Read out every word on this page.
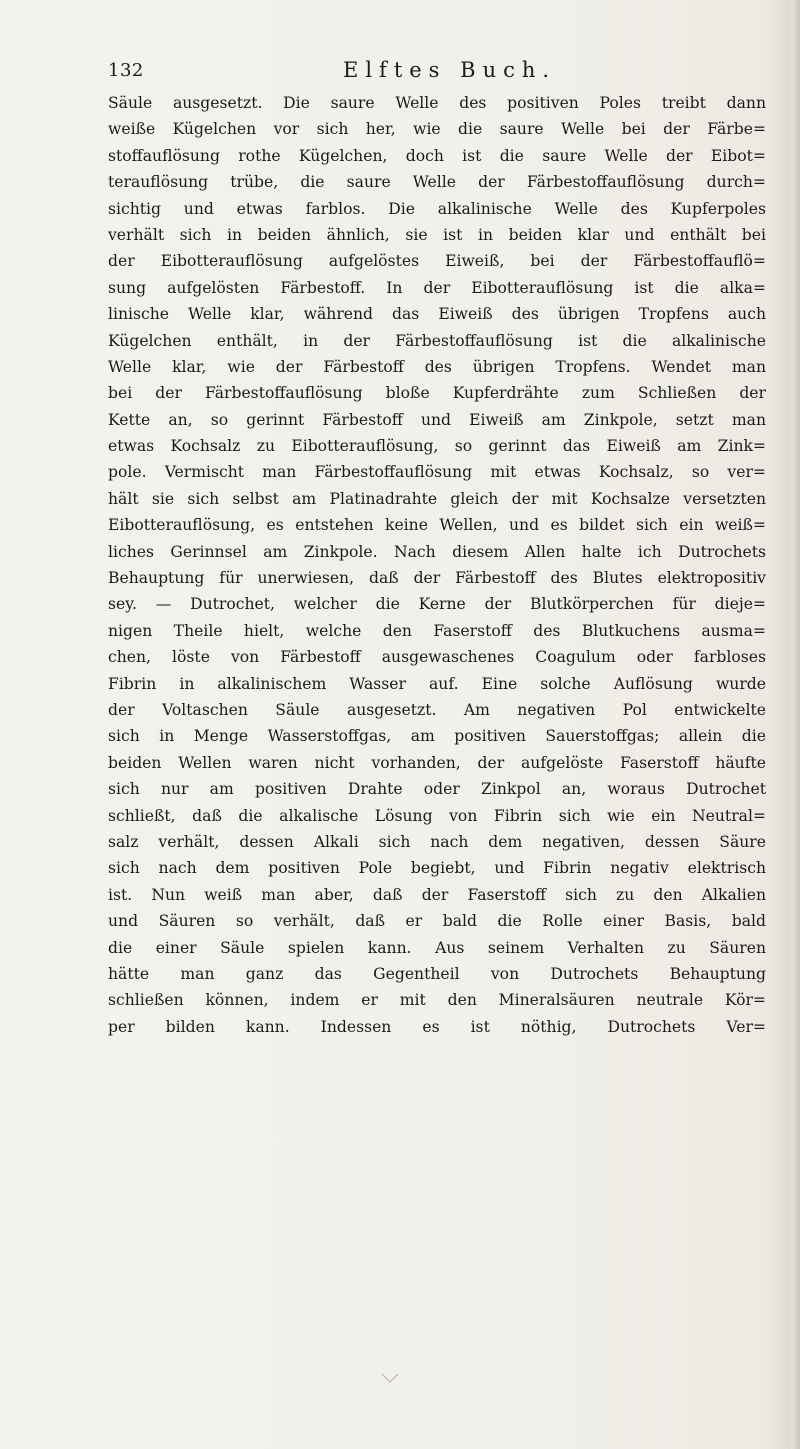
132	Elftes Buch.
Säule ausgesetzt. Die saure Welle des positiven Poles treibt dann
weiße Kügelchen vor sich her, wie die saure Welle bei der Färbe=
stoffauflösung rothe Kügelchen, doch ist die saure Welle der Eibot=
terauflösung trübe, die saure Welle der Färbestoffauflösung durch=
sichtig und etwas farblos. Die alkalinische Welle des Kupferpoles
verhält sich in beiden ähnlich, sie ist in beiden klar und enthält bei
der Eibotterauflösung aufgelöstes Eiweiß, bei der Färbestoffauflö=
sung aufgelösten Färbestoff. In der Eibotterauflösung ist die alka=
linische Welle klar, während das Eiweiß des übrigen Tropfens auch
Kügelchen enthält, in der Färbestoffauflösung ist die alkalinische
Welle klar, wie der Färbestoff des übrigen Tropfens. Wendet man
bei der Färbestoffauflösung bloße Kupferdrähte zum Schließen der
Kette an, so gerinnt Färbestoff und Eiweiß am Zinkpole, setzt man
etwas Kochsalz zu Eibotterauflösung, so gerinnt das Eiweiß am Zink=
pole. Vermischt man Färbestoffauflösung mit etwas Kochsalz, so ver=
hält sie sich selbst am Platinadrahte gleich der mit Kochsalze versetzten
Eibotterauflösung, es entstehen keine Wellen, und es bildet sich ein weiß=
liches Gerinnsel am Zinkpole. Nach diesem Allen halte ich Dutrochets
Behauptung für unerwiesen, daß der Färbestoff des Blutes elektropositiv
sey. — Dutrochet, welcher die Kerne der Blutkörperchen für dieje=
nigen Theile hielt, welche den Faserstoff des Blutkuchens ausma=
chen, löste von Färbestoff ausgewaschenes Coagulum oder farbloses
Fibrin in alkalinischem Wasser auf. Eine solche Auflösung wurde
der Voltaschen Säule ausgesetzt. Am negativen Pol entwickelte
sich in Menge Wasserstoffgas, am positiven Sauerstoffgas; allein die
beiden Wellen waren nicht vorhanden, der aufgelöste Faserstoff häufte
sich nur am positiven Drahte oder Zinkpol an, woraus Dutrochet
schließt, daß die alkalische Lösung von Fibrin sich wie ein Neutral=
salz verhält, dessen Alkali sich nach dem negativen, dessen Säure
sich nach dem positiven Pole begiebt, und Fibrin negativ elektrisch
ist. Nun weiß man aber, daß der Faserstoff sich zu den Alkalien
und Säuren so verhält, daß er bald die Rolle einer Basis, bald
die einer Säule spielen kann. Aus seinem Verhalten zu Säuren
hätte man ganz das Gegentheil von Dutrochets Behauptung
schließen können, indem er mit den Mineralsäuren neutrale Kör=
per bilden kann. Indessen es ist nöthig, Dutrochets Ver=
